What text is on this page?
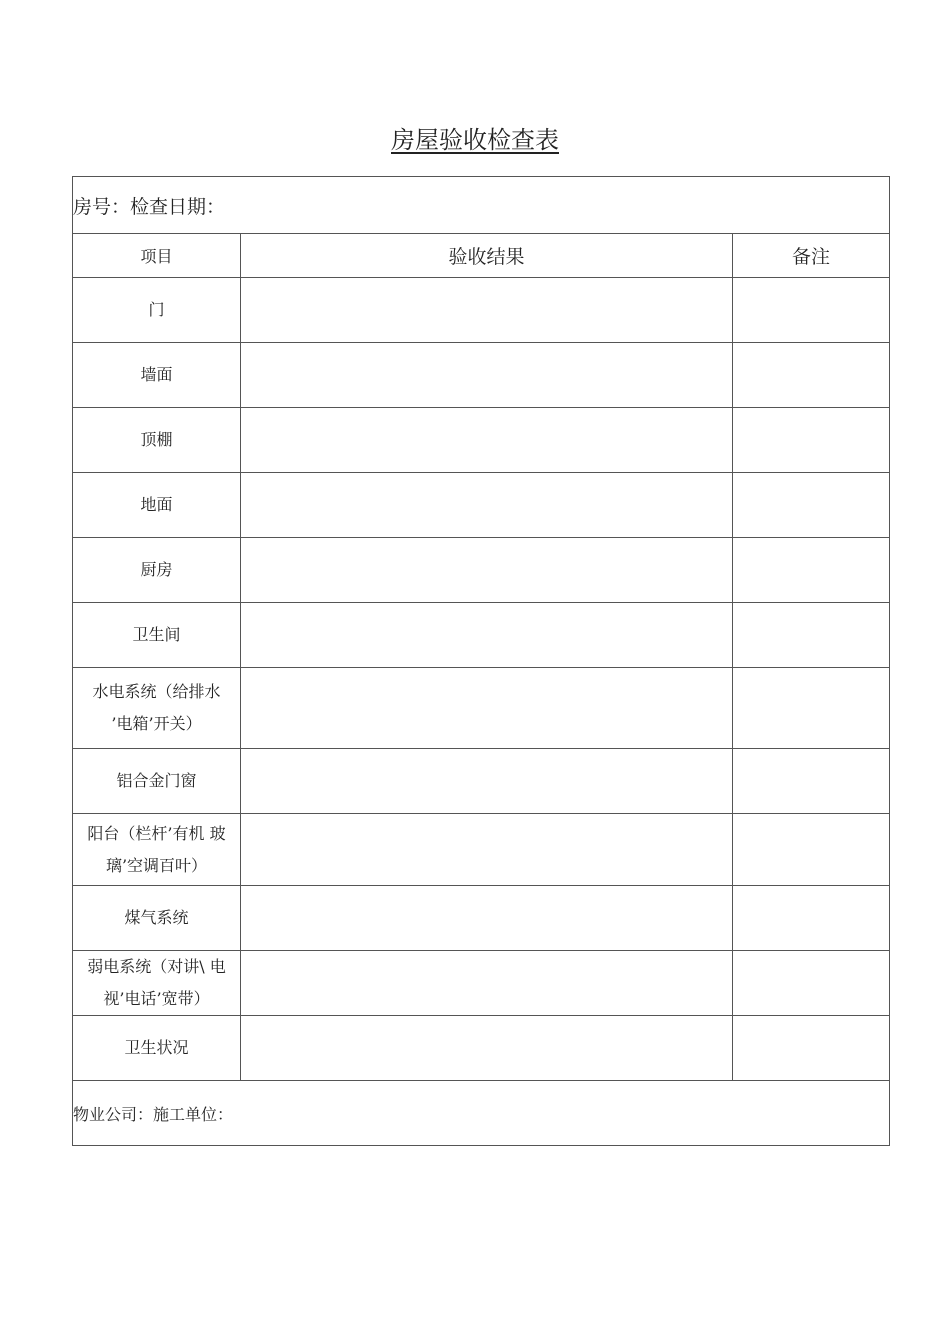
房屋验收检查表
房号：检查日期：		
项目	验收结果	备注

门		

墙面		

顶棚		

地面		

厨房		

卫生间		

水电系统（给排水
’电箱’开关）		

铝合金门窗		

阳台（栏杆’有机 玻
璃’空调百叶）		

煤气系统		

弱电系统（对讲\ 电
视’电话’宽带）		

卫生状况		

物业公司：施工单位：		
